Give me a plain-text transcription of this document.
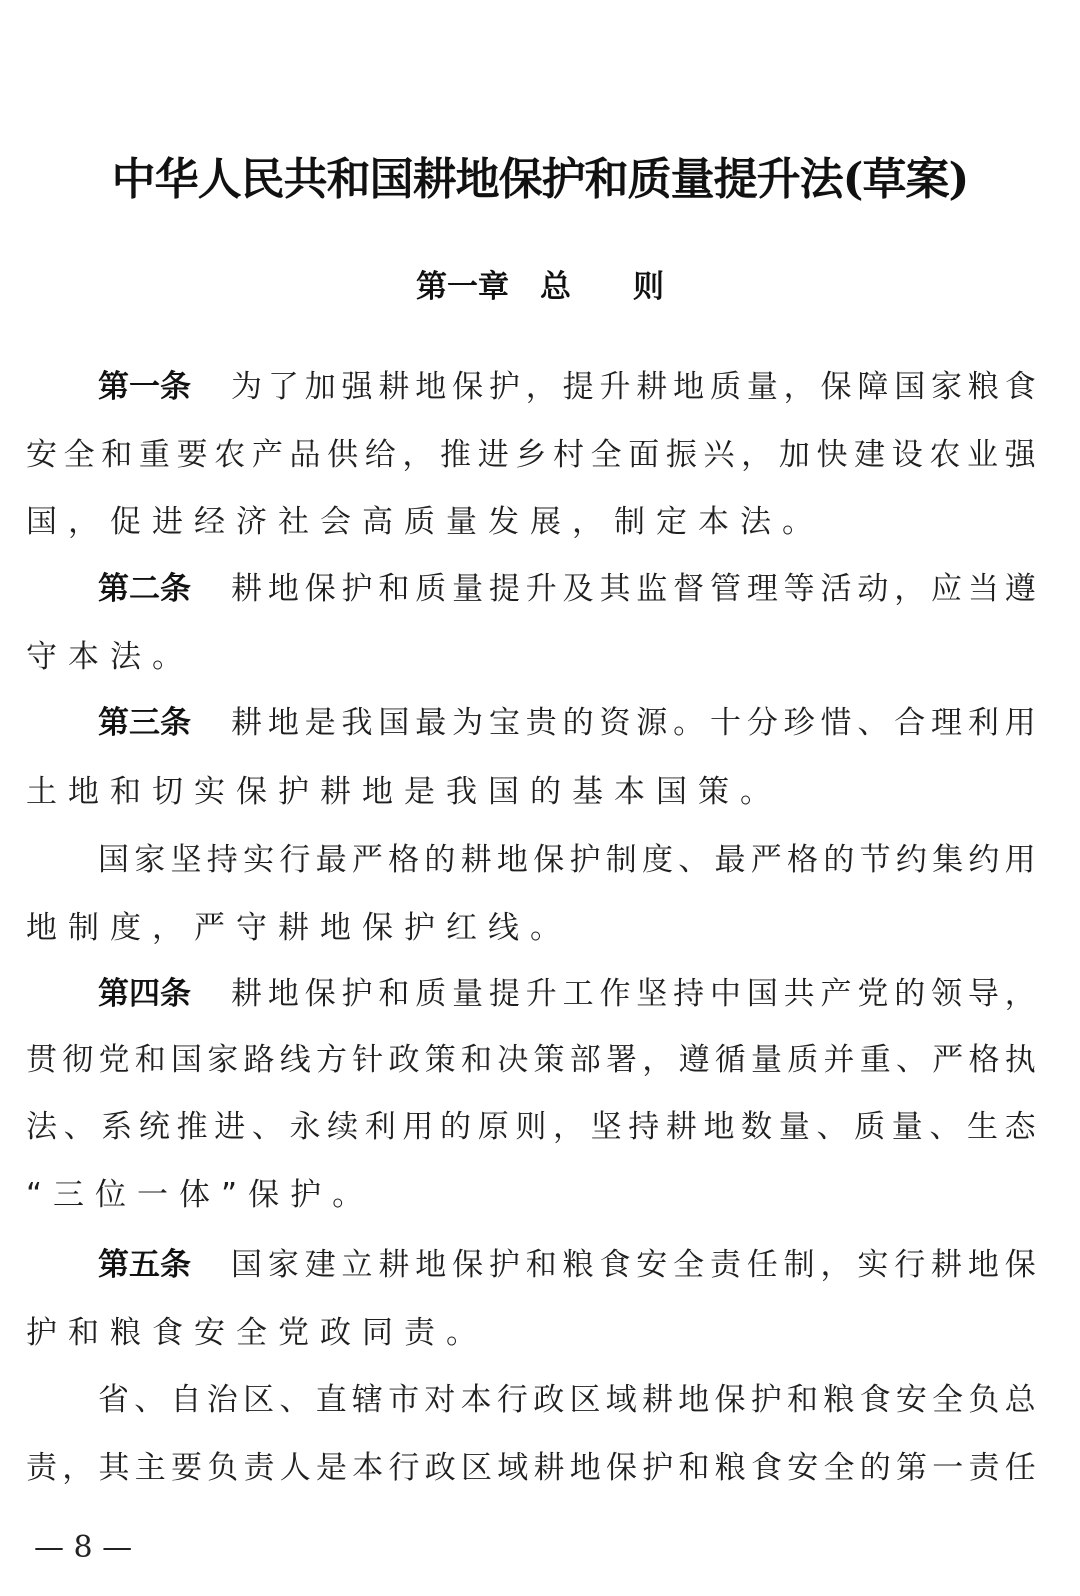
中华人民共和国耕地保护和质量提升法(草案)
第一章　总　　则
第一条 为 了 加 强 耕 地 保 护 ， 提 升 耕 地 质 量 ， 保 障 国 家 粮 食
安 全 和 重 要 农 产 品 供 给 ， 推 进 乡 村 全 面 振 兴 ， 加 快 建 设 农 业 强
国，促进经济社会高质量发展，制定本法。
第二条 耕 地 保 护 和 质 量 提 升 及 其 监 督 管 理 等 活 动 ， 应 当 遵
守本法。
第三条 耕 地 是 我 国 最 为 宝 贵 的 资 源 。 十 分 珍 惜 、 合 理 利 用
土地和切实保护耕地是我国的基本国策。
国 家 坚 持 实 行 最 严 格 的 耕 地 保 护 制 度 、 最 严 格 的 节 约 集 约 用
地制度，严守耕地保护红线。
第四条 耕 地 保 护 和 质 量 提 升 工 作 坚 持 中 国 共 产 党 的 领 导 ，
贯 彻 党 和 国 家 路 线 方 针 政 策 和 决 策 部 署 ， 遵 循 量 质 并 重 、 严 格 执
法 、 系 统 推 进 、 永 续 利 用 的 原 则 ， 坚 持 耕 地 数 量 、 质 量 、 生 态
“三位一体”保护。
第五条 国 家 建 立 耕 地 保 护 和 粮 食 安 全 责 任 制 ， 实 行 耕 地 保
护和粮食安全党政同责。
省 、 自 治 区 、 直 辖 市 对 本 行 政 区 域 耕 地 保 护 和 粮 食 安 全 负 总
责 ， 其 主 要 负 责 人 是 本 行 政 区 域 耕 地 保 护 和 粮 食 安 全 的 第 一 责 任
— 8 —
